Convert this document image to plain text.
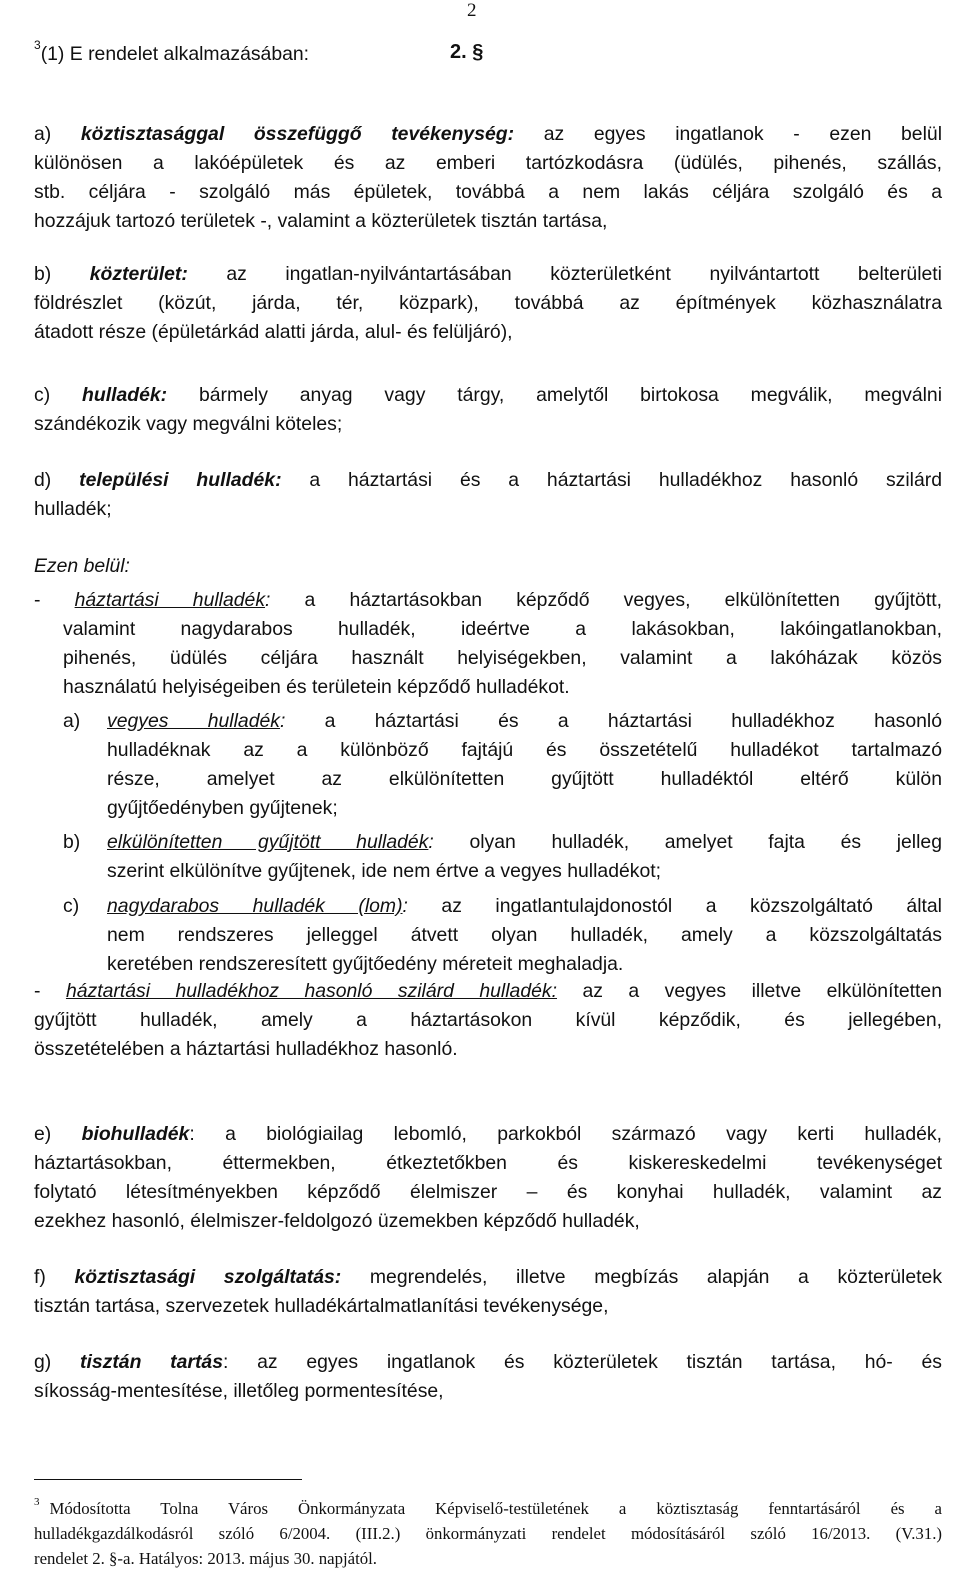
2
$^3$(1) E rendelet alkalmazásában:	2. §
a) köztisztasággal összefüggő tevékenység: az egyes ingatlanok - ezen belül
különösen a lakóépületek és az emberi tartózkodásra (üdülés, pihenés, szállás,
stb. céljára - szolgáló más épületek, továbbá a nem lakás céljára szolgáló és a
hozzájuk tartozó területek -, valamint a közterületek tisztán tartása,
b) közterület: az ingatlan-nyilvántartásában közterületként nyilvántartott belterületi
földrészlet (közút, járda, tér, közpark), továbbá az építmények közhasználatra
átadott része (épületárkád alatti járda, alul- és felüljáró),
c) hulladék: bármely anyag vagy tárgy, amelytől birtokosa megválik, megválni
szándékozik vagy megválni köteles;
d) települési hulladék: a háztartási és a háztartási hulladékhoz hasonló szilárd
hulladék;
Ezen belül:
- háztartási hulladék: a háztartásokban képződő vegyes, elkülönítetten gyűjtött,
valamint nagydarabos hulladék, ideértve a lakásokban, lakóingatlanokban,
pihenés, üdülés céljára használt helyiségekben, valamint a lakóházak közös
használatú helyiségeiben és területein képződő hulladékot.
a) vegyes hulladék: a háztartási és a háztartási hulladékhoz hasonló
hulladéknak az a különböző fajtájú és összetételű hulladékot tartalmazó
része, amelyet az elkülönítetten gyűjtött hulladéktól eltérő külön
gyűjtőedényben gyűjtenek;
b) elkülönítetten gyűjtött hulladék: olyan hulladék, amelyet fajta és jelleg
szerint elkülönítve gyűjtenek, ide nem értve a vegyes hulladékot;
c) nagydarabos hulladék (lom): az ingatlantulajdonostól a közszolgáltató által
nem rendszeres jelleggel átvett olyan hulladék, amely a közszolgáltatás
keretében rendszeresített gyűjtőedény méreteit meghaladja.
- háztartási hulladékhoz hasonló szilárd hulladék: az a vegyes illetve elkülönítetten
gyűjtött hulladék, amely a háztartásokon kívül képződik, és jellegében,
összetételében a háztartási hulladékhoz hasonló.
e) biohulladék: a biológiailag lebomló, parkokból származó vagy kerti hulladék,
háztartásokban, éttermekben, étkeztetőkben és kiskereskedelmi tevékenységet
folytató létesítményekben képződő élelmiszer – és konyhai hulladék, valamint az
ezekhez hasonló, élelmiszer-feldolgozó üzemekben képződő hulladék,
f) köztisztasági szolgáltatás: megrendelés, illetve megbízás alapján a közterületek
tisztán tartása, szervezetek hulladékártalmatlanítási tevékenysége,
g) tisztán tartás: az egyes ingatlanok és közterületek tisztán tartása, hó- és
síkosság-mentesítése, illetőleg pormentesítése,
$^3$ Módosította Tolna Város Önkormányzata Képviselő-testületének a köztisztaság fenntartásáról és a
hulladékgazdálkodásról szóló 6/2004. (III.2.) önkormányzati rendelet módosításáról szóló 16/2013. (V.31.)
rendelet 2. §-a. Hatályos: 2013. május 30. napjától.
